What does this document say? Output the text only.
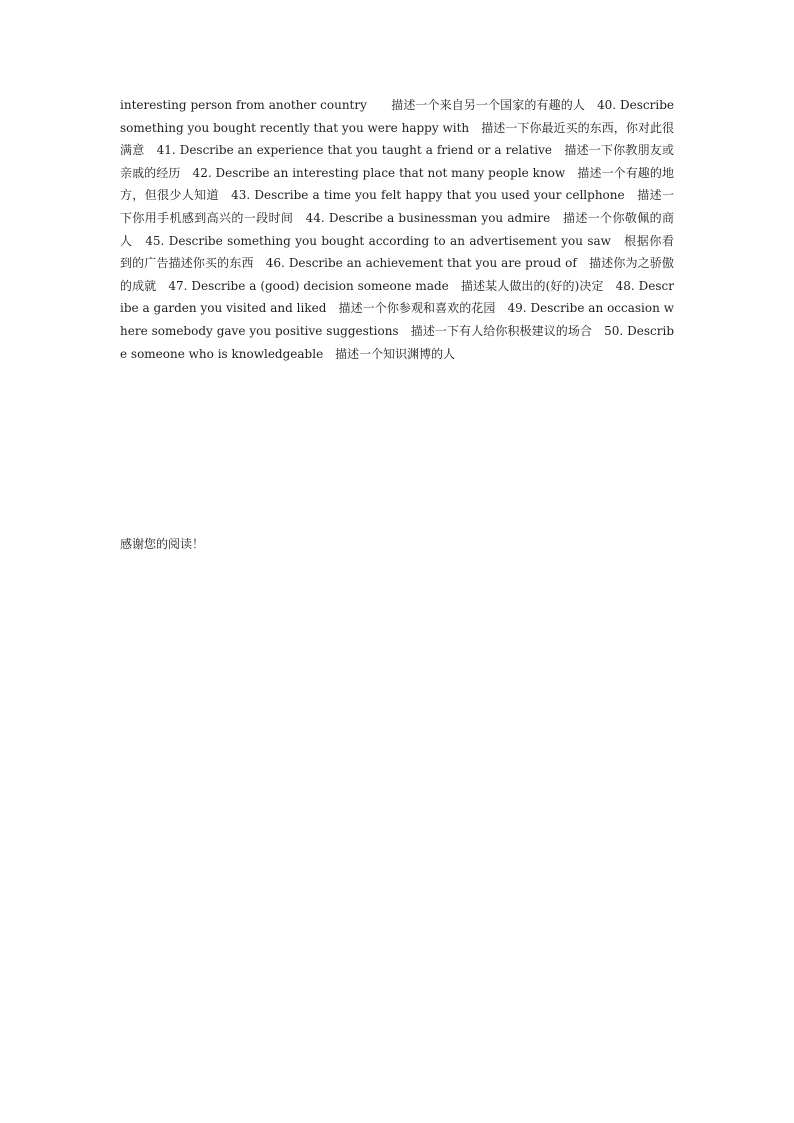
interesting person from another country　　描述一个来自另一个国家的有趣的人　40. Describe something you bought recently that you were happy with　描述一下你最近买的东西，你对此很满意　41. Describe an experience that you taught a friend or a relative　描述一下你教朋友或亲戚的经历　42. Describe an interesting place that not many people know　描述一个有趣的地方，但很少人知道　43. Describe a time you felt happy that you used your cellphone　描述一下你用手机感到高兴的一段时间　44. Describe a businessman you admire　描述一个你敬佩的商人　45. Describe something you bought according to an advertisement you saw　根据你看到的广告描述你买的东西　46. Describe an achievement that you are proud of　描述你为之骄傲的成就　47. Describe a (good) decision someone made　描述某人做出的(好的)决定　48. Describe a garden you visited and liked　描述一个你参观和喜欢的花园　49. Describe an occasion where somebody gave you positive suggestions　描述一下有人给你积极建议的场合　50. Describe someone who is knowledgeable　描述一个知识渊博的人

感谢您的阅读！
